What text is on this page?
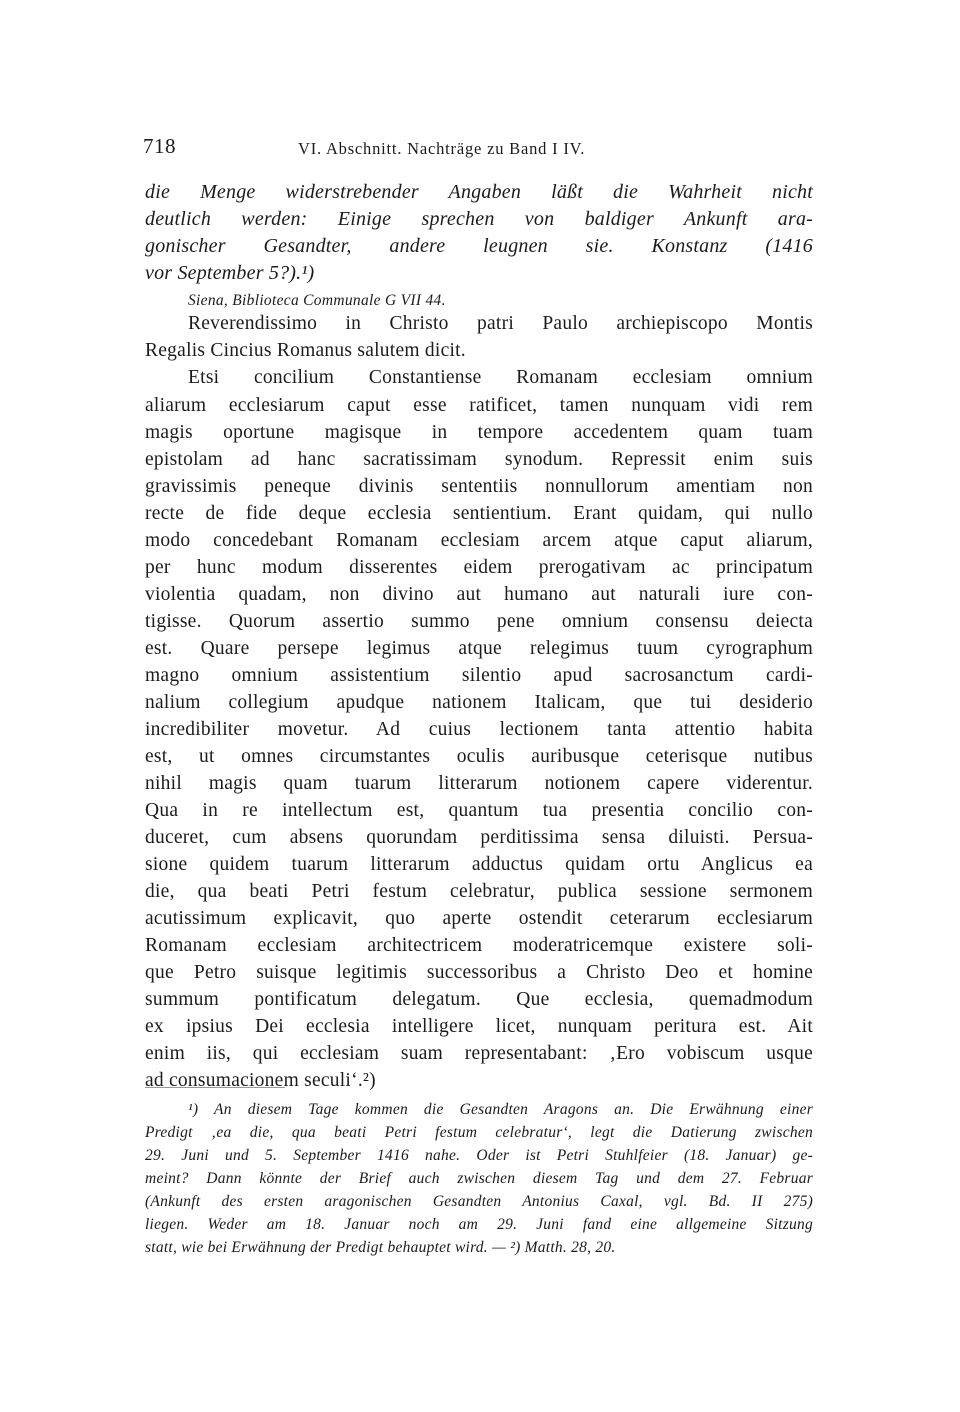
718	VI. Abschnitt. Nachträge zu Band I IV.
die Menge widerstrebender Angaben läßt die Wahrheit nicht
deutlich werden: Einige sprechen von baldiger Ankunft ara-
gonischer Gesandter, andere leugnen sie. Konstanz (1416
vor September 5?).¹)
Siena, Biblioteca Communale G VII 44.
Reverendissimo in Christo patri Paulo archiepiscopo Montis
Regalis Cincius Romanus salutem dicit.
Etsi concilium Constantiense Romanam ecclesiam omnium
aliarum ecclesiarum caput esse ratificet, tamen nunquam vidi rem
magis oportune magisque in tempore accedentem quam tuam
epistolam ad hanc sacratissimam synodum. Repressit enim suis
gravissimis peneque divinis sententiis nonnullorum amentiam non
recte de fide deque ecclesia sentientium. Erant quidam, qui nullo
modo concedebant Romanam ecclesiam arcem atque caput aliarum,
per hunc modum disserentes eidem prerogativam ac principatum
violentia quadam, non divino aut humano aut naturali iure con-
tigisse. Quorum assertio summo pene omnium consensu deiecta
est. Quare persepe legimus atque relegimus tuum cyrographum
magno omnium assistentium silentio apud sacrosanctum cardi-
nalium collegium apudque nationem Italicam, que tui desiderio
incredibiliter movetur. Ad cuius lectionem tanta attentio habita
est, ut omnes circumstantes oculis auribusque ceterisque nutibus
nihil magis quam tuarum litterarum notionem capere viderentur.
Qua in re intellectum est, quantum tua presentia concilio con-
duceret, cum absens quorundam perditissima sensa diluisti. Persua-
sione quidem tuarum litterarum adductus quidam ortu Anglicus ea
die, qua beati Petri festum celebratur, publica sessione sermonem
acutissimum explicavit, quo aperte ostendit ceterarum ecclesiarum
Romanam ecclesiam architectricem moderatricemque existere soli-
que Petro suisque legitimis successoribus a Christo Deo et homine
summum pontificatum delegatum. Que ecclesia, quemadmodum
ex ipsius Dei ecclesia intelligere licet, nunquam peritura est. Ait
enim iis, qui ecclesiam suam representabant: ‚Ero vobiscum usque
ad consumacionem seculi‘.²)
¹) An diesem Tage kommen die Gesandten Aragons an. Die Erwähnung einer
Predigt ‚ea die, qua beati Petri festum celebratur‘, legt die Datierung zwischen
29. Juni und 5. September 1416 nahe. Oder ist Petri Stuhlfeier (18. Januar) ge-
meint? Dann könnte der Brief auch zwischen diesem Tag und dem 27. Februar
(Ankunft des ersten aragonischen Gesandten Antonius Caxal, vgl. Bd. II 275)
liegen. Weder am 18. Januar noch am 29. Juni fand eine allgemeine Sitzung
statt, wie bei Erwähnung der Predigt behauptet wird. — ²) Matth. 28, 20.
